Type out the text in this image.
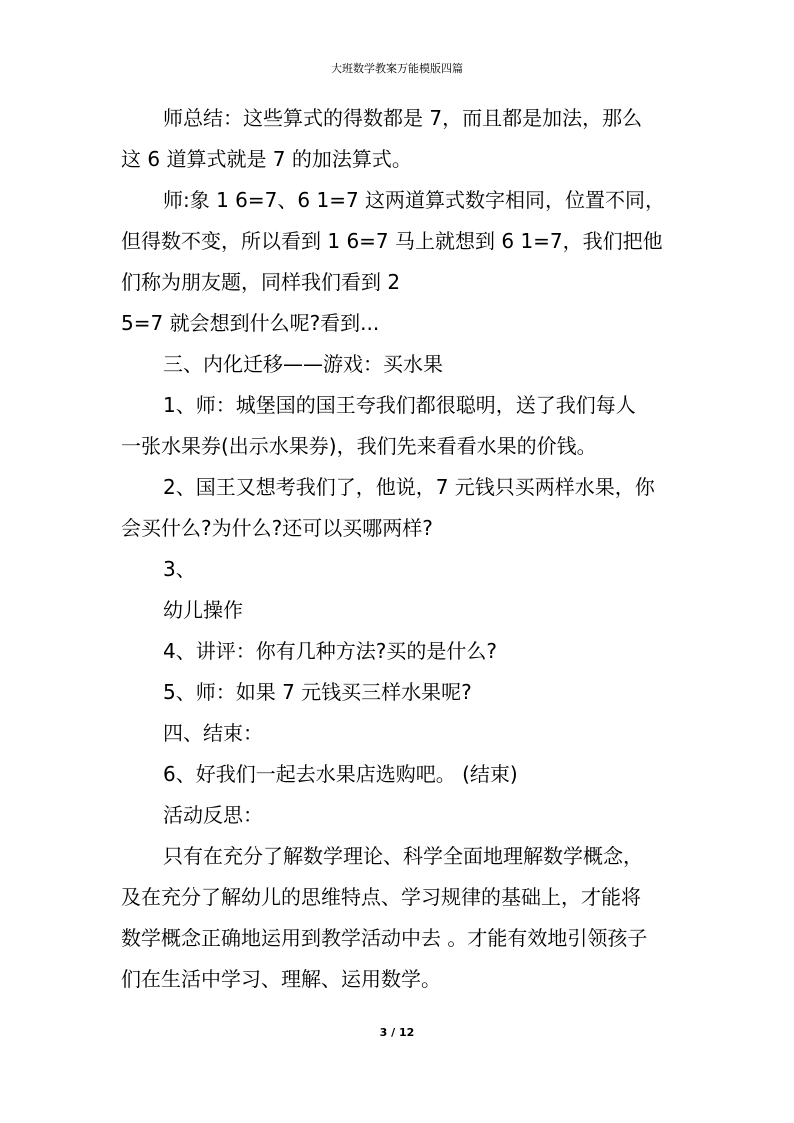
大班数学教案万能模版四篇
师总结：这些算式的得数都是 7，而且都是加法，那么
这 6 道算式就是 7 的加法算式。
师:象 1 6=7、6 1=7 这两道算式数字相同，位置不同，
但得数不变，所以看到 1 6=7 马上就想到 6 1=7，我们把他
们称为朋友题，同样我们看到 2
5=7 就会想到什么呢?看到...
三、内化迁移——游戏：买水果
1、师：城堡国的国王夸我们都很聪明，送了我们每人
一张水果券(出示水果券)，我们先来看看水果的价钱。
2、国王又想考我们了，他说，7 元钱只买两样水果，你
会买什么?为什么?还可以买哪两样?
3、
幼儿操作
4、讲评：你有几种方法?买的是什么?
5、师：如果 7 元钱买三样水果呢?
四、结束：
6、好我们一起去水果店选购吧。 (结束)
活动反思：
只有在充分了解数学理论、科学全面地理解数学概念，
及在充分了解幼儿的思维特点、学习规律的基础上，才能将
数学概念正确地运用到教学活动中去 。才能有效地引领孩子
们在生活中学习、理解、运用数学。
3 / 12
